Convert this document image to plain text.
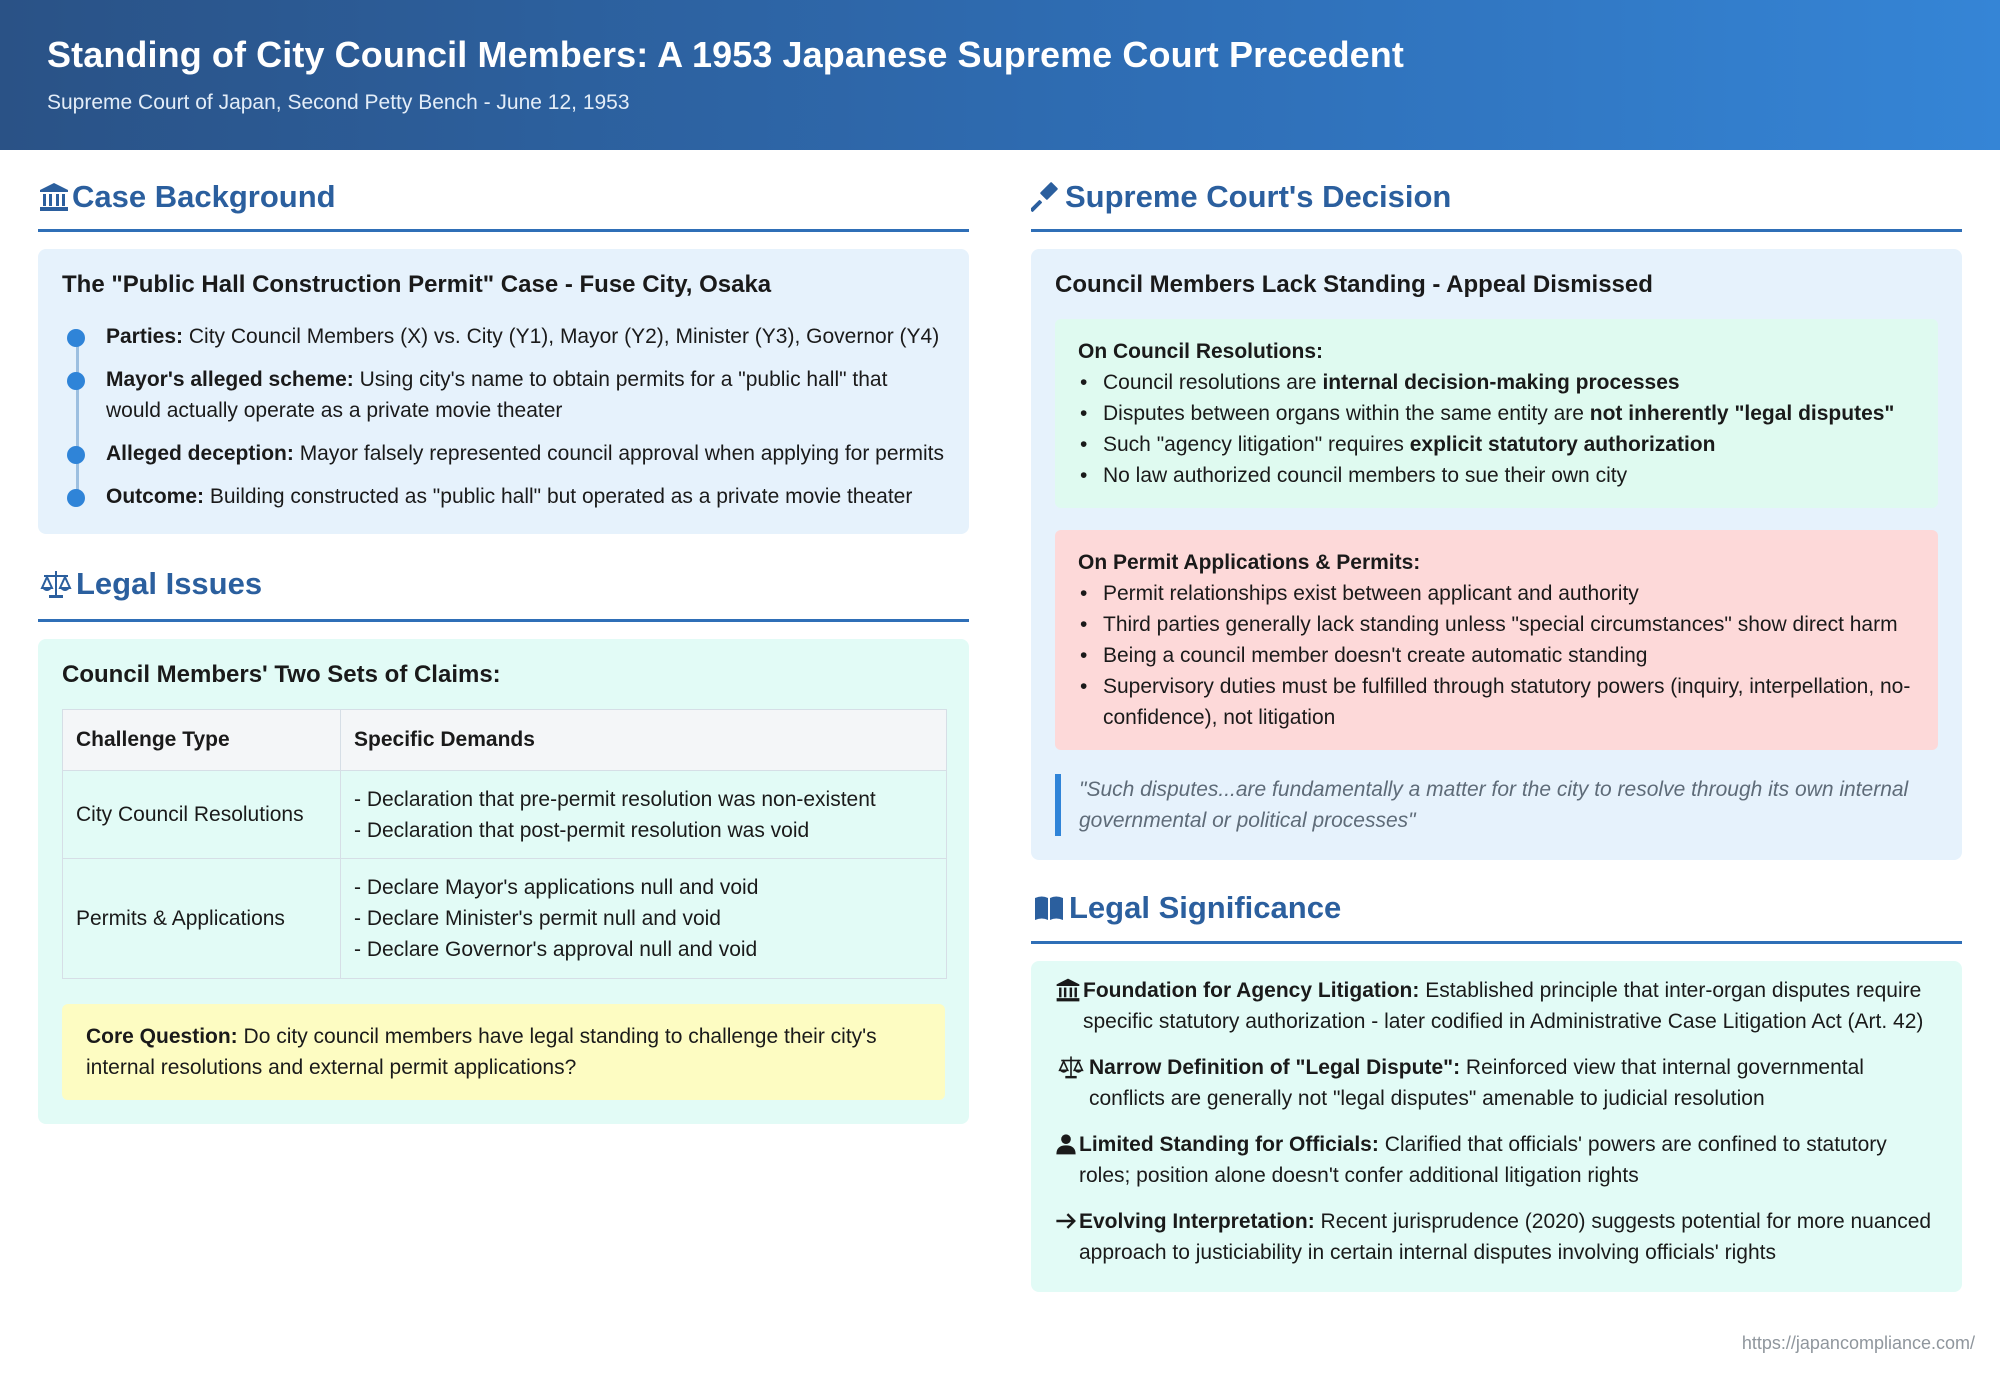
Standing of City Council Members: A 1953 Japanese Supreme Court Precedent
Supreme Court of Japan, Second Petty Bench - June 12, 1953
Case Background
The "Public Hall Construction Permit" Case - Fuse City, Osaka
Parties: City Council Members (X) vs. City (Y1), Mayor (Y2), Minister (Y3), Governor (Y4)
Mayor's alleged scheme: Using city's name to obtain permits for a "public hall" that would actually operate as a private movie theater
Alleged deception: Mayor falsely represented council approval when applying for permits
Outcome: Building constructed as "public hall" but operated as a private movie theater
Legal Issues
Council Members' Two Sets of Claims:
Challenge Type	Specific Demands
City Council Resolutions	- Declaration that pre-permit resolution was non-existent
- Declaration that post-permit resolution was void

Permits & Applications	- Declare Mayor's applications null and void
- Declare Minister's permit null and void
- Declare Governor's approval null and void
Core Question: Do city council members have legal standing to challenge their city's internal resolutions and external permit applications?
Supreme Court's Decision
Council Members Lack Standing - Appeal Dismissed
On Council Resolutions:
• Council resolutions are internal decision-making processes
• Disputes between organs within the same entity are not inherently "legal disputes"
• Such "agency litigation" requires explicit statutory authorization
• No law authorized council members to sue their own city
On Permit Applications & Permits:
• Permit relationships exist between applicant and authority
• Third parties generally lack standing unless "special circumstances" show direct harm
• Being a council member doesn't create automatic standing
• Supervisory duties must be fulfilled through statutory powers (inquiry, interpellation, no-confidence), not litigation
"Such disputes...are fundamentally a matter for the city to resolve through its own internal governmental or political processes"
Legal Significance
Foundation for Agency Litigation: Established principle that inter-organ disputes require specific statutory authorization - later codified in Administrative Case Litigation Act (Art. 42)
Narrow Definition of "Legal Dispute": Reinforced view that internal governmental conflicts are generally not "legal disputes" amenable to judicial resolution
Limited Standing for Officials: Clarified that officials' powers are confined to statutory roles; position alone doesn't confer additional litigation rights
Evolving Interpretation: Recent jurisprudence (2020) suggests potential for more nuanced approach to justiciability in certain internal disputes involving officials' rights
https://japancompliance.com/
